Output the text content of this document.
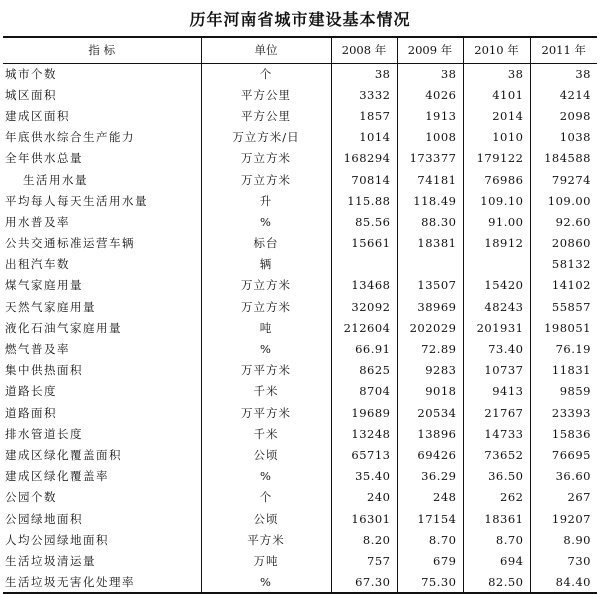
历年河南省城市建设基本情况
指 标	单位	2008 年	2009 年	2010 年	2011 年
城市个数	个	38	38	38	38
城区面积	平方公里	3332	4026	4101	4214
建成区面积	平方公里	1857	1913	2014	2098
年底供水综合生产能力	万立方米/日	1014	1008	1010	1038
全年供水总量	万立方米	168294	173377	179122	184588
生活用水量	万立方米	70814	74181	76986	79274
平均每人每天生活用水量	升	115.88	118.49	109.10	109.00
用水普及率	%	85.56	88.30	91.00	92.60
公共交通标准运营车辆	标台	15661	18381	18912	20860
出租汽车数	辆				58132
煤气家庭用量	万立方米	13468	13507	15420	14102
天然气家庭用量	万立方米	32092	38969	48243	55857
液化石油气家庭用量	吨	212604	202029	201931	198051
燃气普及率	%	66.91	72.89	73.40	76.19
集中供热面积	万平方米	8625	9283	10737	11831
道路长度	千米	8704	9018	9413	9859
道路面积	万平方米	19689	20534	21767	23393
排水管道长度	千米	13248	13896	14733	15836
建成区绿化覆盖面积	公顷	65713	69426	73652	76695
建成区绿化覆盖率	%	35.40	36.29	36.50	36.60
公园个数	个	240	248	262	267
公园绿地面积	公顷	16301	17154	18361	19207
人均公园绿地面积	平方米	8.20	8.70	8.70	8.90
生活垃圾清运量	万吨	757	679	694	730
生活垃圾无害化处理率	%	67.30	75.30	82.50	84.40
